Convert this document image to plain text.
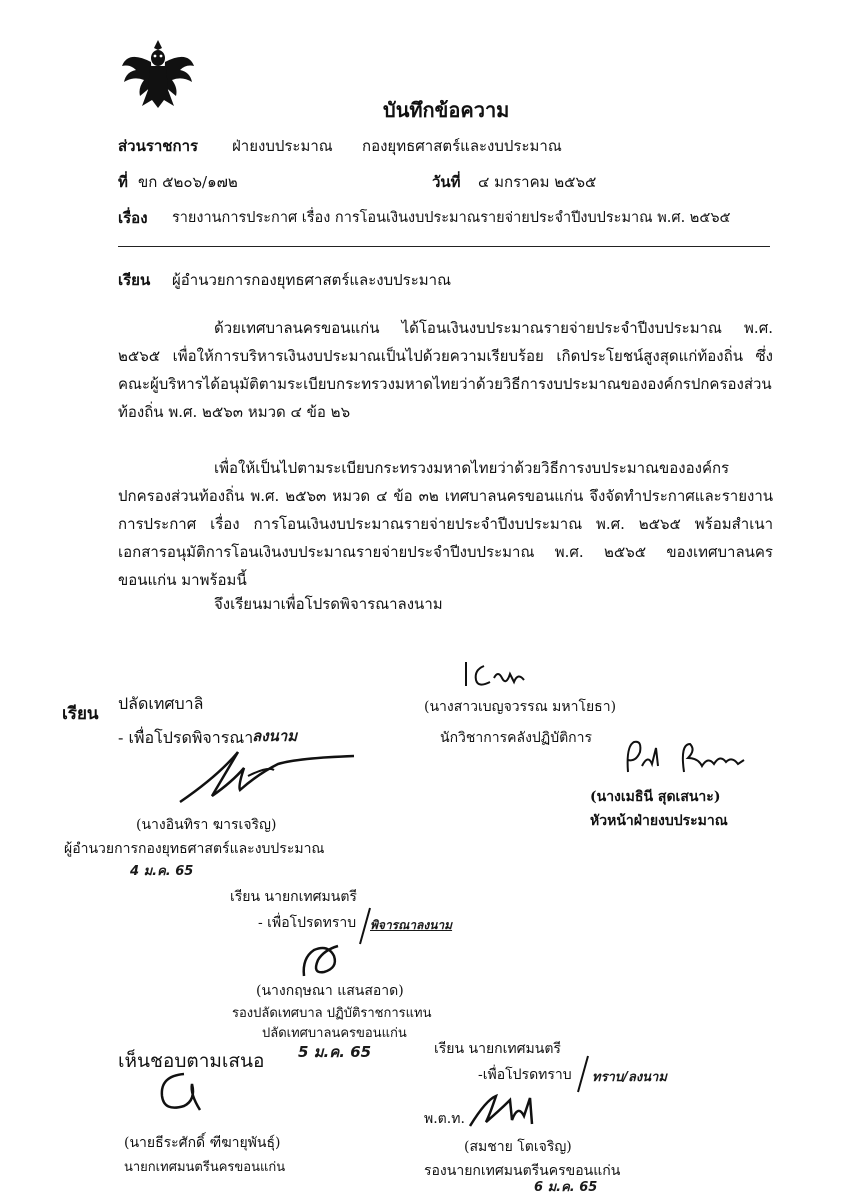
บันทึกข้อความ
ส่วนราชการ ฝ่ายงบประมาณ กองยุทธศาสตร์และงบประมาณ
ที่ ขก ๕๒๐๖/๑๗๒	วันที่ ๔ มกราคม ๒๕๖๕
เรื่อง รายงานการประกาศ เรื่อง การโอนเงินงบประมาณรายจ่ายประจำปีงบประมาณ พ.ศ. ๒๕๖๕
เรียน ผู้อำนวยการกองยุทธศาสตร์และงบประมาณ
ด้วยเทศบาลนครขอนแก่น ได้โอนเงินงบประมาณรายจ่ายประจำปีงบประมาณ พ.ศ. ๒๕๖๕ เพื่อให้การบริหารเงินงบประมาณเป็นไปด้วยความเรียบร้อย เกิดประโยชน์สูงสุดแก่ท้องถิ่น ซึ่งคณะผู้บริหารได้อนุมัติตามระเบียบกระทรวงมหาดไทยว่าด้วยวิธีการงบประมาณขององค์กรปกครองส่วนท้องถิ่น พ.ศ. ๒๕๖๓ หมวด ๔ ข้อ ๒๖
เพื่อให้เป็นไปตามระเบียบกระทรวงมหาดไทยว่าด้วยวิธีการงบประมาณขององค์กรปกครองส่วนท้องถิ่น พ.ศ. ๒๕๖๓ หมวด ๔ ข้อ ๓๒ เทศบาลนครขอนแก่น จึงจัดทำประกาศและรายงานการประกาศ เรื่อง การโอนเงินงบประมาณรายจ่ายประจำปีงบประมาณ พ.ศ. ๒๕๖๕ พร้อมสำเนาเอกสารอนุมัติการโอนเงินงบประมาณรายจ่ายประจำปีงบประมาณ พ.ศ. ๒๕๖๕ ของเทศบาลนครขอนแก่น มาพร้อมนี้
จึงเรียนมาเพื่อโปรดพิจารณาลงนาม
(นางสาวเบญจวรรณ มหาโยธา)
นักวิชาการคลังปฏิบัติการ
(นางเมธินี สุดเสนาะ)
หัวหน้าฝ่ายงบประมาณ
เรียน
ปลัดเทศบาลิ
- เพื่อโปรดพิจารณา
ลงนาม
(นางอินทิรา ฆารเจริญ)
ผู้อำนวยการกองยุทธศาสตร์และงบประมาณ
4 ม.ค. 65
เรียน นายกเทศมนตรี
- เพื่อโปรดทราบ พิจารณาลงนาม
(นางกฤษณา แสนสอาด)
รองปลัดเทศบาล ปฏิบัติราชการแทน
ปลัดเทศบาลนครขอนแก่น
5 ม.ค. 65
เห็นชอบตามเสนอ
(นายธีระศักดิ์ ฑีฆายุพันธุ์)
นายกเทศมนตรีนครขอนแก่น
เรียน นายกเทศมนตรี
-เพื่อโปรดทราบ ทราบ/ลงนาม
พ.ต.ท.
(สมชาย โตเจริญ)
รองนายกเทศมนตรีนครขอนแก่น
6 ม.ค. 65
